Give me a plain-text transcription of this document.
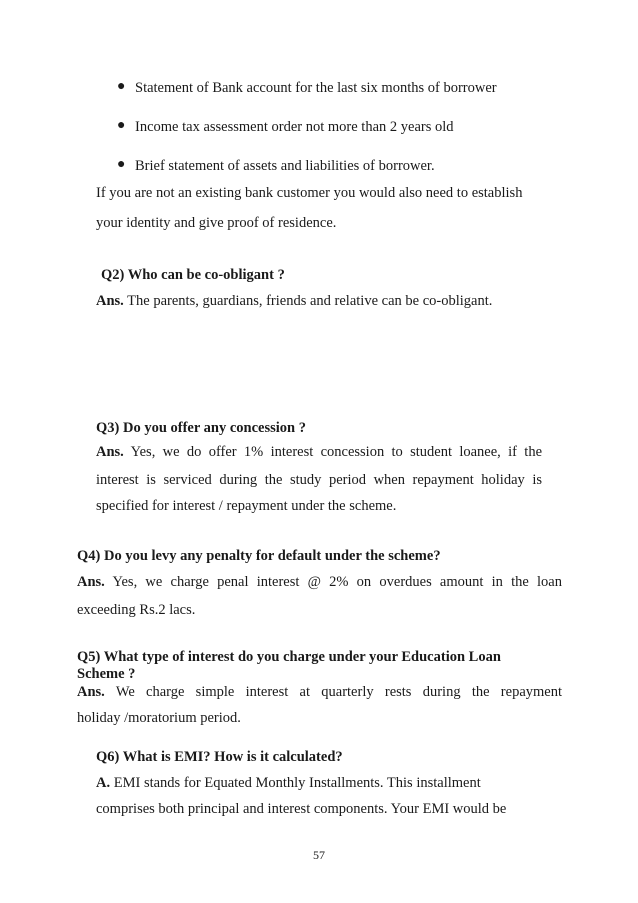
● Statement of Bank account for the last six months of borrower
● Income tax assessment order not more than 2 years old
● Brief statement of assets and liabilities of borrower.
If you are not an existing bank customer you would also need to establish
your identity and give proof of residence.
Q2) Who can be co-obligant ?
Ans. The parents, guardians, friends and relative can be co-obligant.
Q3) Do you offer any concession ?
Ans. Yes, we do offer 1% interest concession to student loanee, if the
interest is serviced during the study period when repayment holiday is
specified for interest / repayment under the scheme.
Q4) Do you levy any penalty for default under the scheme?
Ans. Yes, we charge penal interest @ 2% on overdues amount in the loan
exceeding Rs.2 lacs.
Q5) What type of interest do you charge under your Education Loan
Scheme ?
Ans. We charge simple interest at quarterly rests during the repayment
holiday /moratorium period.
Q6) What is EMI? How is it calculated?
A. EMI stands for Equated Monthly Installments. This installment
comprises both principal and interest components. Your EMI would be
57
